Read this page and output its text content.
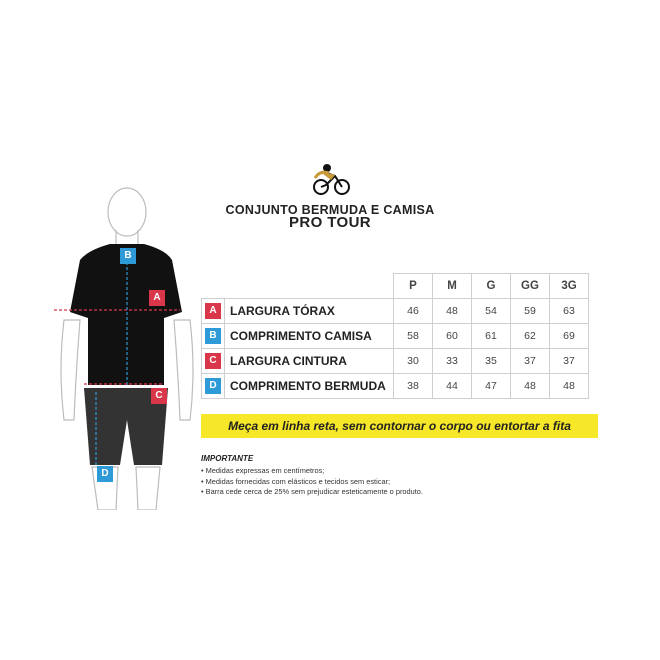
B
A
C
D
CONJUNTO BERMUDA E CAMISA
PRO TOUR
		P	M	G	GG	3G
A	LARGURA TÓRAX	46	48	54	59	63
B	COMPRIMENTO CAMISA	58	60	61	62	69
C	LARGURA CINTURA	30	33	35	37	37
D	COMPRIMENTO BERMUDA	38	44	47	48	48
Meça em linha reta, sem contornar o corpo ou entortar a fita
IMPORTANTE
• Medidas expressas em centímetros;
• Medidas fornecidas com elásticos e tecidos sem esticar;
• Barra cede cerca de 25% sem prejudicar esteticamente o produto.
